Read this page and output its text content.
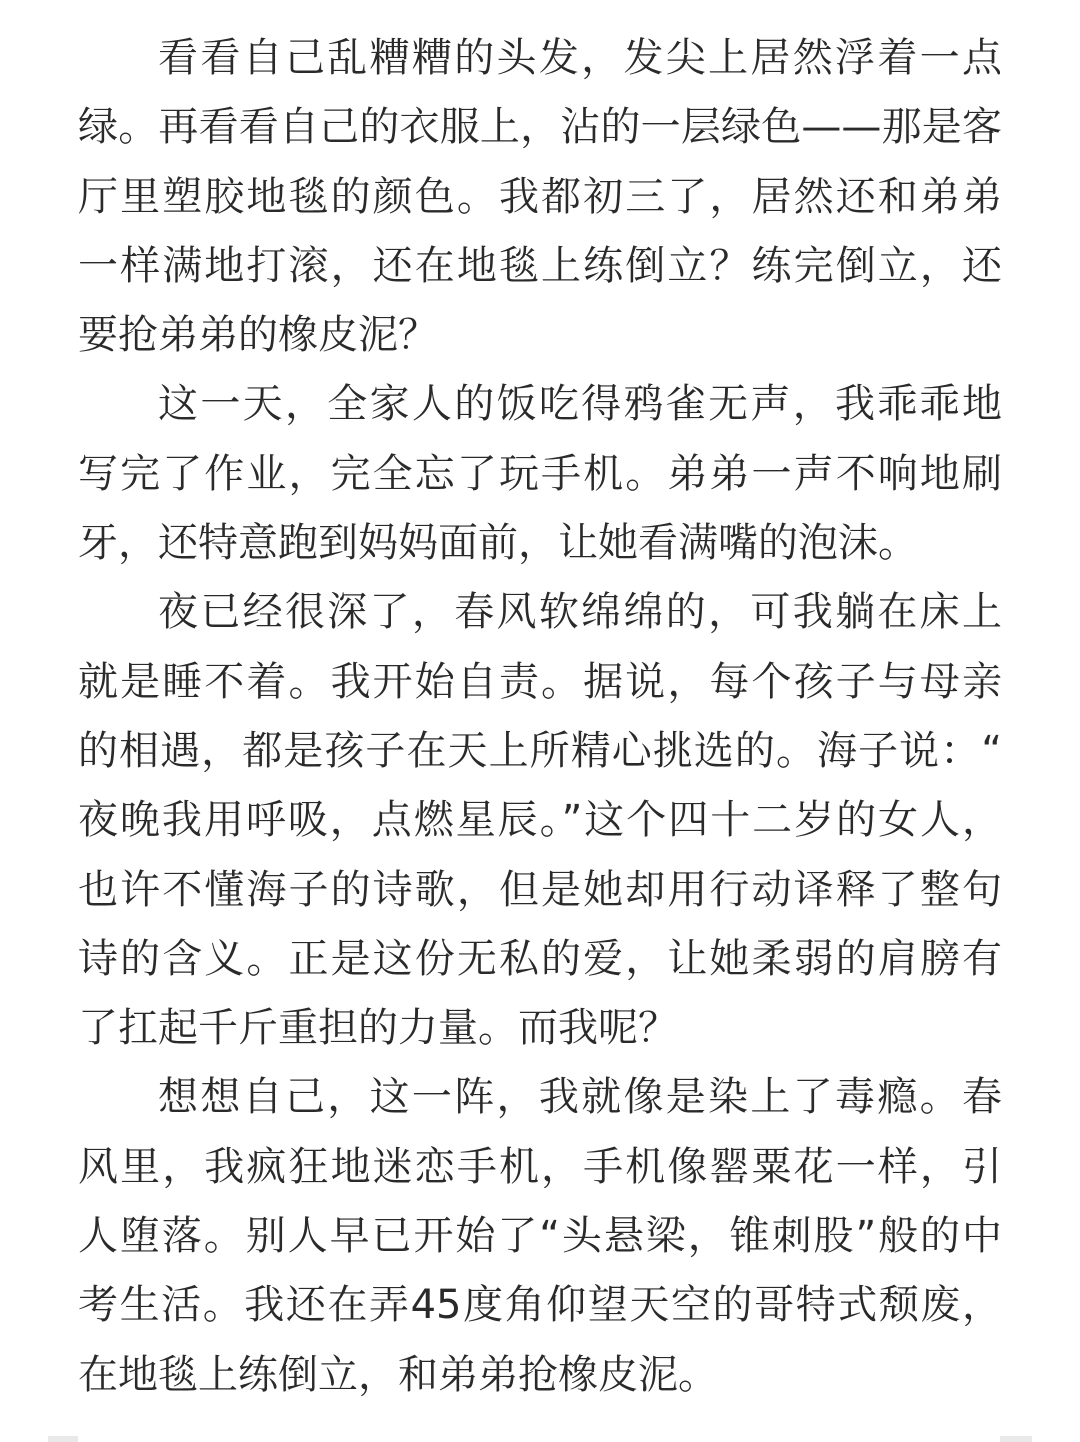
看看自己乱糟糟的头发，发尖上居然浮着一点
绿。再看看自己的衣服上，沾的一层绿色——那是客
厅里塑胶地毯的颜色。我都初三了，居然还和弟弟
一样满地打滚，还在地毯上练倒立？练完倒立，还
要抢弟弟的橡皮泥？
这一天，全家人的饭吃得鸦雀无声，我乖乖地
写完了作业，完全忘了玩手机。弟弟一声不响地刷
牙，还特意跑到妈妈面前，让她看满嘴的泡沫。
夜已经很深了，春风软绵绵的，可我躺在床上
就是睡不着。我开始自责。据说，每个孩子与母亲
的相遇，都是孩子在天上所精心挑选的。海子说：“
夜晚我用呼吸，点燃星辰。”这个四十二岁的女人，
也许不懂海子的诗歌，但是她却用行动译释了整句
诗的含义。正是这份无私的爱，让她柔弱的肩膀有
了扛起千斤重担的力量。而我呢？
想想自己，这一阵，我就像是染上了毒瘾。春
风里，我疯狂地迷恋手机，手机像罂粟花一样，引
人堕落。别人早已开始了“头悬梁，锥刺股”般的中
考生活。我还在弄45度角仰望天空的哥特式颓废，
在地毯上练倒立，和弟弟抢橡皮泥。
